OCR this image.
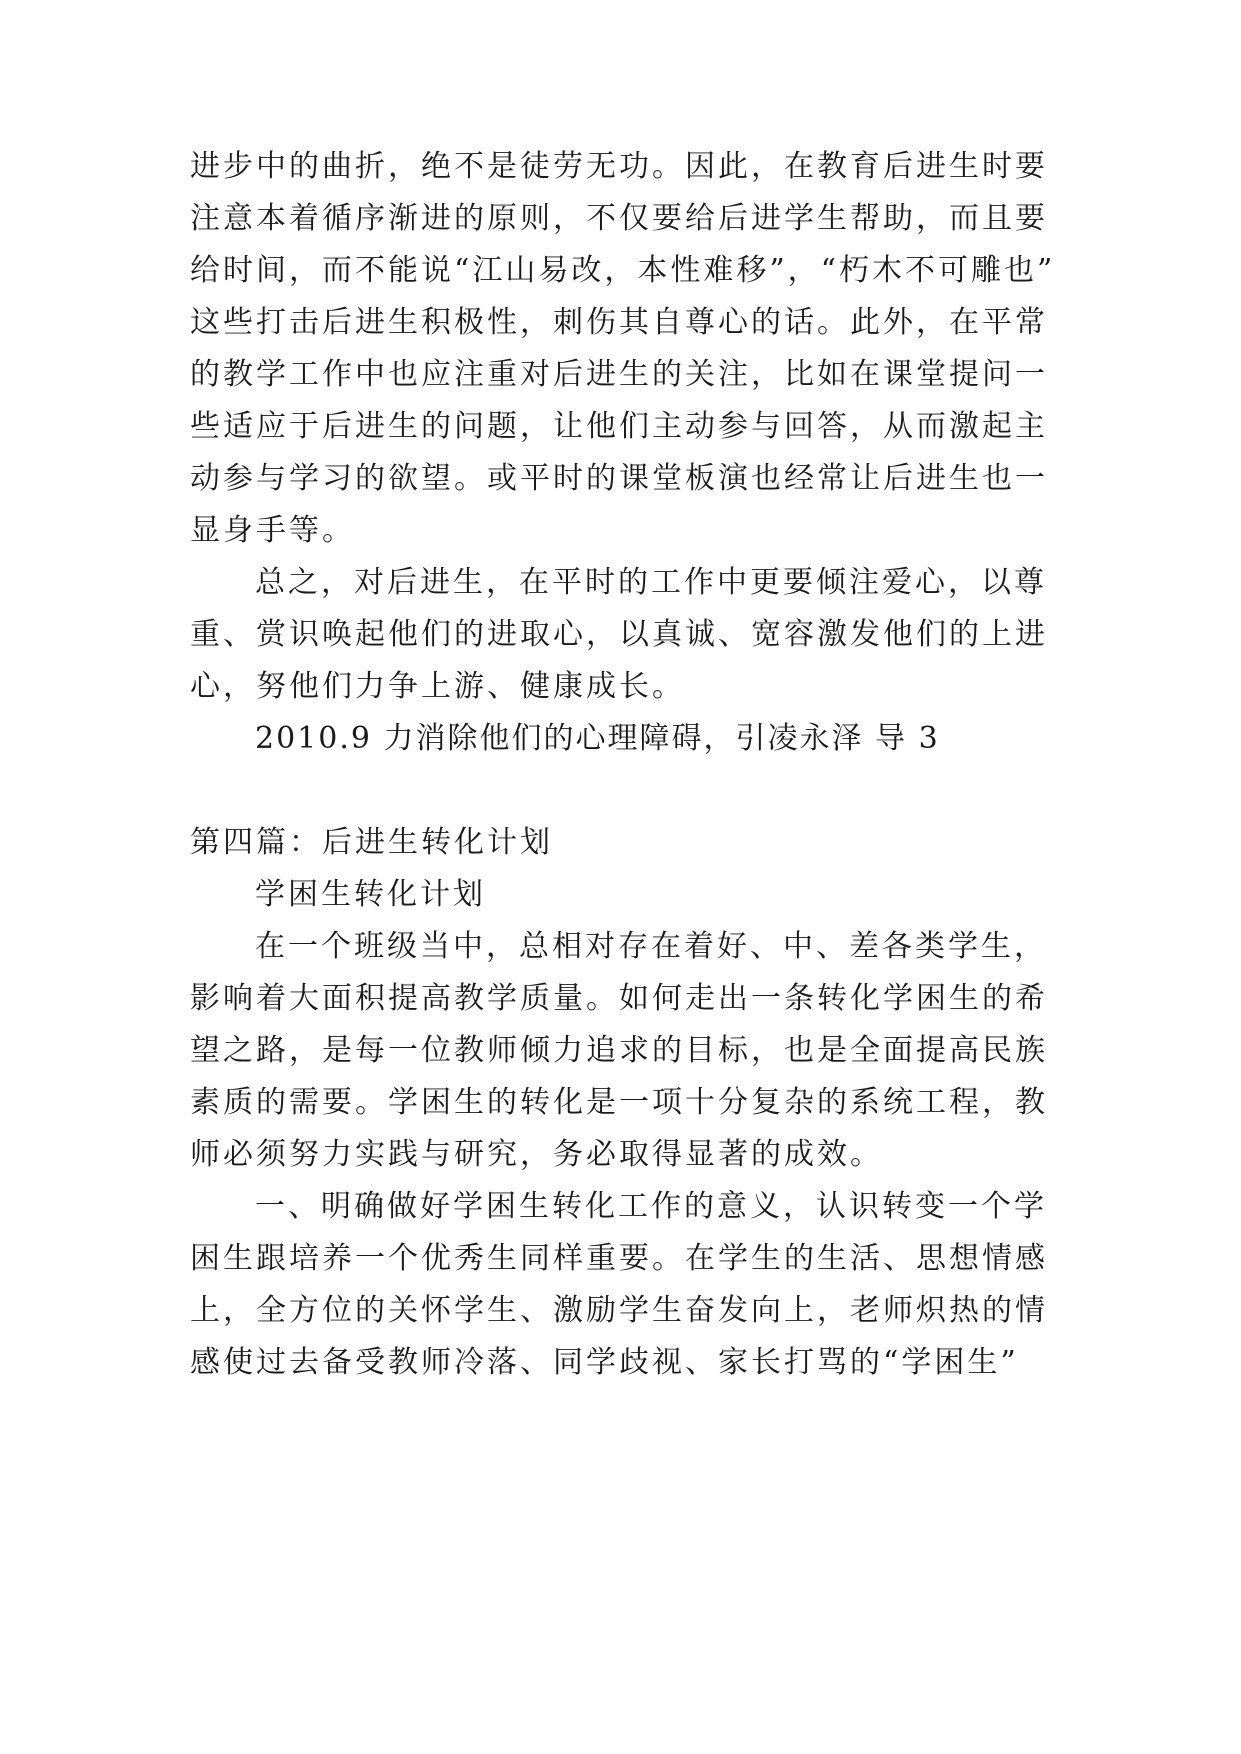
进步中的曲折，绝不是徒劳无功。因此，在教育后进生时要
注意本着循序渐进的原则，不仅要给后进学生帮助，而且要
给时间，而不能说“江山易改，本性难移”，“朽木不可雕也”
这些打击后进生积极性，刺伤其自尊心的话。此外，在平常
的教学工作中也应注重对后进生的关注，比如在课堂提问一
些适应于后进生的问题，让他们主动参与回答，从而激起主
动参与学习的欲望。或平时的课堂板演也经常让后进生也一
显身手等。
总之，对后进生，在平时的工作中更要倾注爱心，以尊
重、赏识唤起他们的进取心，以真诚、宽容激发他们的上进
心，努他们力争上游、健康成长。
2010.9 力消除他们的心理障碍，引凌永泽 导 3
第四篇：后进生转化计划
学困生转化计划
在一个班级当中，总相对存在着好、中、差各类学生，
影响着大面积提高教学质量。如何走出一条转化学困生的希
望之路，是每一位教师倾力追求的目标，也是全面提高民族
素质的需要。学困生的转化是一项十分复杂的系统工程，教
师必须努力实践与研究，务必取得显著的成效。
一、明确做好学困生转化工作的意义，认识转变一个学
困生跟培养一个优秀生同样重要。在学生的生活、思想情感
上，全方位的关怀学生、激励学生奋发向上，老师炽热的情
感使过去备受教师冷落、同学歧视、家长打骂的“学困生”
